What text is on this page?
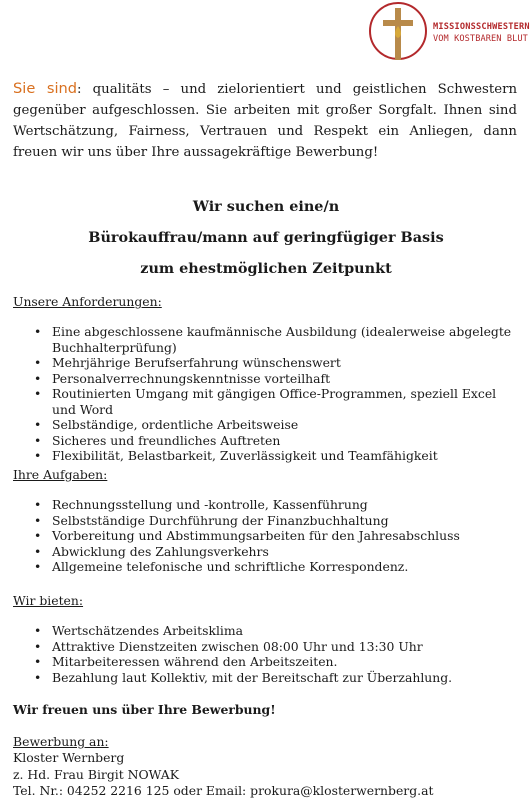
MISSIONSSCHWESTERN
VOM KOSTBAREN BLUT
Sie sind: qualitäts – und zielorientiert und geistlichen Schwestern gegenüber aufgeschlossen. Sie arbeiten mit großer Sorgfalt. Ihnen sind Wertschätzung, Fairness, Vertrauen und Respekt ein Anliegen, dann freuen wir uns über Ihre aussagekräftige Bewerbung!
Wir suchen eine/n
Bürokauffrau/mann auf geringfügiger Basis
zum ehestmöglichen Zeitpunkt
Unsere Anforderungen:
• Eine abgeschlossene kaufmännische Ausbildung (idealerweise abgelegte Buchhalterprüfung)
• Mehrjährige Berufserfahrung wünschenswert
• Personalverrechnungskenntnisse vorteilhaft
• Routinierten Umgang mit gängigen Office-Programmen, speziell Excel und Word
• Selbständige, ordentliche Arbeitsweise
• Sicheres und freundliches Auftreten
• Flexibilität, Belastbarkeit, Zuverlässigkeit und Teamfähigkeit
Ihre Aufgaben:
• Rechnungsstellung und -kontrolle, Kassenführung
• Selbstständige Durchführung der Finanzbuchhaltung
• Vorbereitung und Abstimmungsarbeiten für den Jahresabschluss
• Abwicklung des Zahlungsverkehrs
• Allgemeine telefonische und schriftliche Korrespondenz.
Wir bieten:
• Wertschätzendes Arbeitsklima
• Attraktive Dienstzeiten zwischen 08:00 Uhr und 13:30 Uhr
• Mitarbeiteressen während den Arbeitszeiten.
• Bezahlung laut Kollektiv, mit der Bereitschaft zur Überzahlung.
Wir freuen uns über Ihre Bewerbung!
Bewerbung an:
Kloster Wernberg
z. Hd. Frau Birgit NOWAK
Tel. Nr.: 04252 2216 125 oder Email: prokura@klosterwernberg.at
